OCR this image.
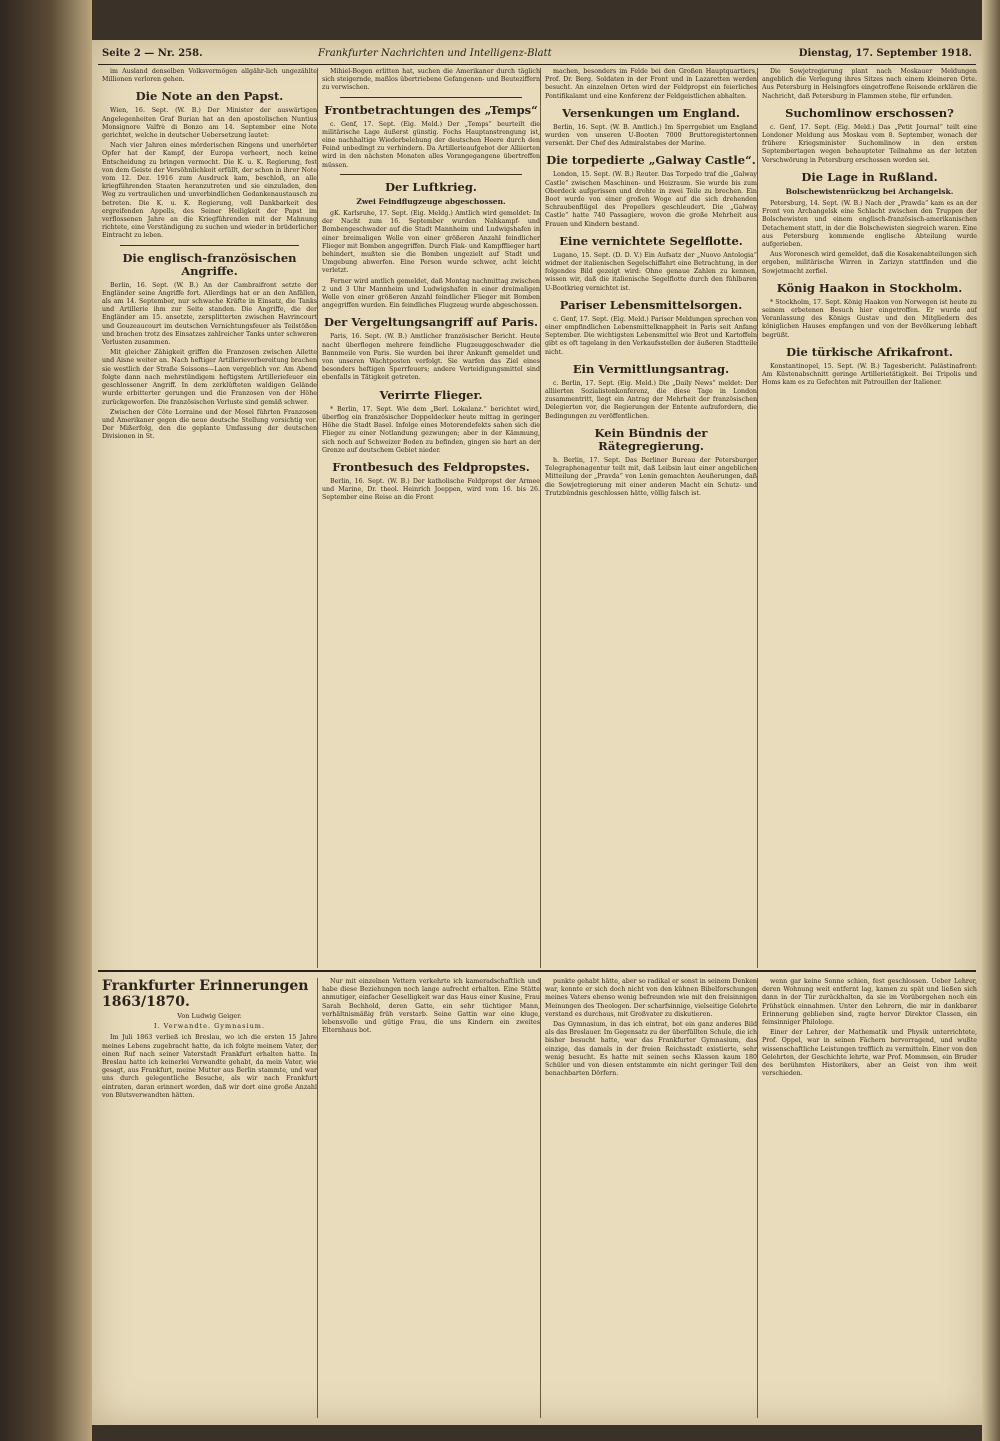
Seite 2 — Nr. 258.	Frankfurter Nachrichten und Intelligenz-Blatt	Dienstag, 17. September 1918.

im Ausland denselben Volksvermögen allgähr-lich ungezählte Millionen verloren gehen.

Die Note an den Papst.

Wien, 16. Sept. (W. B.) Der Minister der auswärtigen Angelegenheiten Graf Burian hat an den apostolischen Nuntius Monsignore Valfrè di Bonzo am 14. September eine Note gerichtet, welche in deutscher Uebersetzung lautet:

Nach vier Jahren eines mörderischen Ringens und unerhörter Opfer hat der Kampf, der Europa verheert, noch keine Entscheidung zu bringen vermocht. Die K. u. K. Regierung, fest von dem Geiste der Versöhnlichkeit erfüllt, der schon in ihrer Note vom 12. Dez. 1916 zum Ausdruck kam, beschloß, an alle kriegführenden Staaten heranzutreten und sie einzuladen, den Weg zu vertraulichen und unverbindlichen Gedankenaustausch zu betreten. Die K. u. K. Regierung, voll Dankbarkeit des ergreifenden Appells, des Seiner Heiligkeit der Papst im verflossenen Jahre an die Kriegführenden mit der Mahnung richtete, eine Verständigung zu suchen und wieder in brüderlicher Eintracht zu leben.

Die englisch-französischen Angriffe.

Berlin, 16. Sept. (W. B.) An der Cambraifront setzte der Engländer seine Angriffe fort. Allerdings hat er an den Anfällen, als am 14. September, nur schwache Kräfte in Einsatz, die Tanks und Artillerie ihm zur Seite standen. Die Angriffe, die der Engländer am 15. ansetzte, zersplitterten zwischen Havrincourt und Gouzeaucourt im deutschen Vernichtungsfeuer als Teilstößen und brachen trotz des Einsatzes zahlreicher Tanks unter schweren Verlusten zusammen.

Mit gleicher Zähigkeit griffen die Franzosen zwischen Ailette und Aisne weiter an. Nach heftiger Artillerievorbereitung brachen sie westlich der Straße Soissons—Laon vergeblich vor. Am Abend folgte dann nach mehrstündigem heftigstem Artilleriefeuer ein geschlossener Angriff. In dem zerklüfteten waldigen Gelände wurde erbitterter gerungen und die Franzosen von der Höhe zurückgeworfen. Die französischen Verluste sind gemäß schwer.

Zwischen der Côte Lorraine und der Mosel führten Franzosen und Amerikaner gegen die neue deutsche Stellung vorsichtig vor. Der Mißerfolg, den die geplante Umfassung der deutschen Divisionen in St.

Mihiel-Bogen erlitten hat, suchen die Amerikaner durch täglich sich steigernde, maßlos übertriebene Gefangenen- und Beuteziffern zu verwischen.

Frontbetrachtungen des „Temps“

c. Genf, 17. Sept. (Eig. Meld.) Der „Temps“ beurteilt die militärische Lage äußerst günstig. Fochs Hauptanstrengung ist, eine nachhaltige Wiederbelebung der deutschen Heere durch den Feind unbedingt zu verhindern. Da Artillerieaufgebot der Alliierten wird in den nächsten Monaten alles Vorangegangene übertreffen müssen.

Der Luftkrieg.
Zwei Feindflugzeuge abgeschossen.

gK. Karlsruhe, 17. Sept. (Eig. Meldg.) Amtlich wird gemeldet: In der Nacht zum 16. September wurden Nahkampf- und Bombengeschwader auf die Stadt Mannheim und Ludwigshafen in einer breimaligen Welle von einer größeren Anzahl feindlicher Flieger mit Bomben angegriffen. Durch Flak- und Kampfflieger hart behindert, mußten sie die Bomben ungezielt auf Stadt und Umgebung abwerfen. Eine Person wurde schwer, acht leicht verletzt.

Ferner wird amtlich gemeldet, daß Montag nachmittag zwischen 2 und 3 Uhr Mannheim und Ludwigshafen in einer dreimaligen Welle von einer größeren Anzahl feindlicher Flieger mit Bomben angegriffen wurden. Ein feindliches Flugzeug wurde abgeschossen.

Der Vergeltungsangriff auf Paris.

Paris, 16. Sept. (W. B.) Amtlicher französischer Bericht. Heute nacht überflogen mehrere feindliche Flugzeuggeschwader die Bannmeile von Paris. Sie wurden bei ihrer Ankunft gemeldet und von unseren Wachtposten verfolgt. Sie warfen das Ziel eines besonders heftigen Sperrfeuers; andere Verteidigungsmittel sind ebenfalls in Tätigkeit getreten.

Verirrte Flieger.

* Berlin, 17. Sept. Wie dem „Berl. Lokalanz.“ berichtet wird, überflog ein französischer Doppeldecker heute mittag in geringer Höhe die Stadt Basel. Infolge eines Motorendefekts sahen sich die Flieger zu einer Notlandung gezwungen; aber in der Kämmung, sich noch auf Schweizer Boden zu befinden, gingen sie hart an der Grenze auf deutschem Gebiet nieder.

Frontbesuch des Feldpropstes.

Berlin, 16. Sept. (W. B.) Der katholische Feldpropst der Armee und Marine, Dr. theol. Heinrich Joeppen, wird vom 16. bis 26. September eine Reise an die Front

machen, besonders im Felde bei den Großen Hauptquartiers, Prof. Dr. Berg. Soldaten in der Front und in Lazaretten werden besucht. An einzelnen Orten wird der Feldpropst ein feierliches Pontifikalamt und eine Konferenz der Feldgeistlichen abhalten.

Versenkungen um England.

Berlin, 16. Sept. (W. B. Amtlich.) Im Sperrgebiet um England wurden von unseren U-Booten 7000 Bruttoregistertonnen versenkt. Der Chef des Admiralstabes der Marine.

Die torpedierte „Galway Castle“.

London, 15. Sept. (W. B.) Reuter. Das Torpedo traf die „Galway Castle“ zwischen Maschinen- und Heizraum. Sie wurde bis zum Oberdeck aufgerissen und drohte in zwei Teile zu brechen. Ein Boot wurde von einer großen Woge auf die sich drehenden Schraubenflügel des Propellers geschleudert. Die „Galway Castle“ hatte 740 Passagiere, wovon die große Mehrheit aus Frauen und Kindern bestand.

Eine vernichtete Segelflotte.

Lugano, 15. Sept. (D. D. V.) Ein Aufsatz der „Nuovo Antologia“ widmet der italienischen Segelschiffahrt eine Betrachtung, in der folgendes Bild gezeigt wird: Ohne genaue Zahlen zu kennen, wissen wir, daß die italienische Segelflotte durch den fühlbaren U-Bootkrieg vernichtet ist.

Pariser Lebensmittelsorgen.

c. Genf, 17. Sept. (Eig. Meld.) Pariser Meldungen sprechen von einer empfindlichen Lebensmittelknappheit in Paris seit Anfang September. Die wichtigsten Lebensmittel wie Brot und Kartoffeln gibt es oft tagelang in den Verkaufsstellen der äußeren Stadtteile nicht.

Ein Vermittlungsantrag.

c. Berlin, 17. Sept. (Eig. Meld.) Die „Daily News“ meldet: Der alliierten Sozialistenkonferenz, die diese Tage in London zusammentritt, liegt ein Antrag der Mehrheit der französischen Delegierten vor, die Regierungen der Entente aufzufordern, die Bedingungen zu veröffentlichen.

Kein Bündnis der Rätegregierung.

h. Berlin, 17. Sept. Das Berliner Bureau der Petersburger Telegraphenagentur teilt mit, daß Leibsin laut einer angeblichen Mitteilung der „Pravda“ von Lenin gemachten Aeußerungen, daß die Sowjetregierung mit einer anderen Macht ein Schutz- und Trutzbündnis geschlossen hätte, völlig falsch ist.

Die Sowjetregierung plant nach Moskauer Meldungen angeblich die Verlegung ihres Sitzes nach einem kleineren Orte. Aus Petersburg in Helsingfors eingetroffene Reisende erklären die Nachricht, daß Petersburg in Flammen stehe, für erfunden.

Suchomlinow erschossen?

c. Genf, 17. Sept. (Eig. Meld.) Das „Petit Journal“ teilt eine Londoner Meldung aus Moskau vom 8. September, wonach der frühere Kriegsminister Suchomlinow in den ersten Septembertagen wegen behaupteter Teilnahme an der letzten Verschwörung in Petersburg erschossen worden sei.

Die Lage in Rußland.
Bolschewistenrückzug bei Archangelsk.

Petersburg, 14. Sept. (W. B.) Nach der „Prawda“ kam es an der Front von Archangelsk eine Schlacht zwischen den Truppen der Bolschewisten und einem englisch-französisch-amerikanischen Detachement statt, in der die Bolschewisten siegreich waren. Eine aus Petersburg kommende englische Abteilung wurde aufgerieben.

Aus Woronesch wird gemeldet, daß die Kosakenabteilungen sich ergeben, militärische Wirren in Zarizyn stattfinden und die Sowjetmacht zerfiel.

König Haakon in Stockholm.

* Stockholm, 17. Sept. König Haakon von Norwegen ist heute zu seinem erbetenen Besuch hier eingetroffen. Er wurde auf Veranlassung des Königs Gustav und den Mitgliedern des königlichen Hauses empfangen und von der Bevölkerung lebhaft begrüßt.

Die türkische Afrikafront.

Konstantinopel, 15. Sept. (W. B.) Tagesbericht. Palästinafront: Am Küstenabschnitt geringe Artillerietätigkeit. Bei Tripolis und Homs kam es zu Gefechten mit Patrouillen der Italiener.

Frankfurter Erinnerungen 1863/1870.
Von Ludwig Geiger.
I. Verwandte. Gymnasium.

Im Juli 1863 verließ ich Breslau, wo ich die ersten 15 Jahre meines Lebens zugebracht hatte, da ich folgte meinem Vater, der einen Ruf nach seiner Vaterstadt Frankfurt erhalten hatte. In Breslau hatte ich keinerlei Verwandte gehabt, da mein Vater, wie gesagt, aus Frankfurt, meine Mutter aus Berlin stammte, und war uns durch gelegentliche Besuche, als wir nach Frankfurt eintraten, daran erinnert worden, daß wir dort eine große Anzahl von Blutsverwandten hätten.

Nur mit einzelnen Vettern verkehrte ich kameradschaftlich und habe diese Beziehungen noch lange aufrecht erhalten. Eine Stätte anmutiger, einfacher Geselligkeit war das Haus einer Kusine, Frau Sarah Bechhold, deren Gatte, ein sehr tüchtiger Mann, verhältnismäßig früh verstarb. Seine Gattin war eine kluge, lebensvolle und gütige Frau, die uns Kindern ein zweites Elternhaus bot.

punkte gehabt hätte, aber so radikal er sonst in seinem Denken war, konnte er sich doch nicht von den kühnen Bibelforschungen meines Vaters ebenso wenig befreunden wie mit den freisinnigen Meinungen des Theologen. Der scharfsinnige, vielseitige Gelehrte verstand es durchaus, mit Großvater zu diskutieren.

Das Gymnasium, in das ich eintrat, bot ein ganz anderes Bild als das Breslauer. Im Gegensatz zu der überfüllten Schule, die ich bisher besucht hatte, war das Frankfurter Gymnasium, das einzige, das damals in der freien Reichsstadt existierte, sehr wenig besucht. Es hatte mit seinen sechs Klassen kaum 180 Schüler und von diesen entstammte ein nicht geringer Teil den benachbarten Dörfern.

wenn gar keine Sonne schien, fest geschlossen. Ueber Lehrer, deren Wohnung weit entfernt lag, kamen zu spät und ließen sich dann in der Tür zurückhalten, da sie im Vorübergehen noch ein Frühstück einnahmen. Unter den Lehrern, die mir in dankbarer Erinnerung geblieben sind, ragte hervor Direktor Classen, ein feinsinniger Philologe.

Einer der Lehrer, der Mathematik und Physik unterrichtete, Prof. Oppel, war in seinen Fächern hervorragend, und wußte wissenschaftliche Leistungen trefflich zu vermitteln. Einer von den Gelehrten, der Geschichte lehrte, war Prof. Mommsen, ein Bruder des berühmten Historikers, aber an Geist von ihm weit verschieden.
